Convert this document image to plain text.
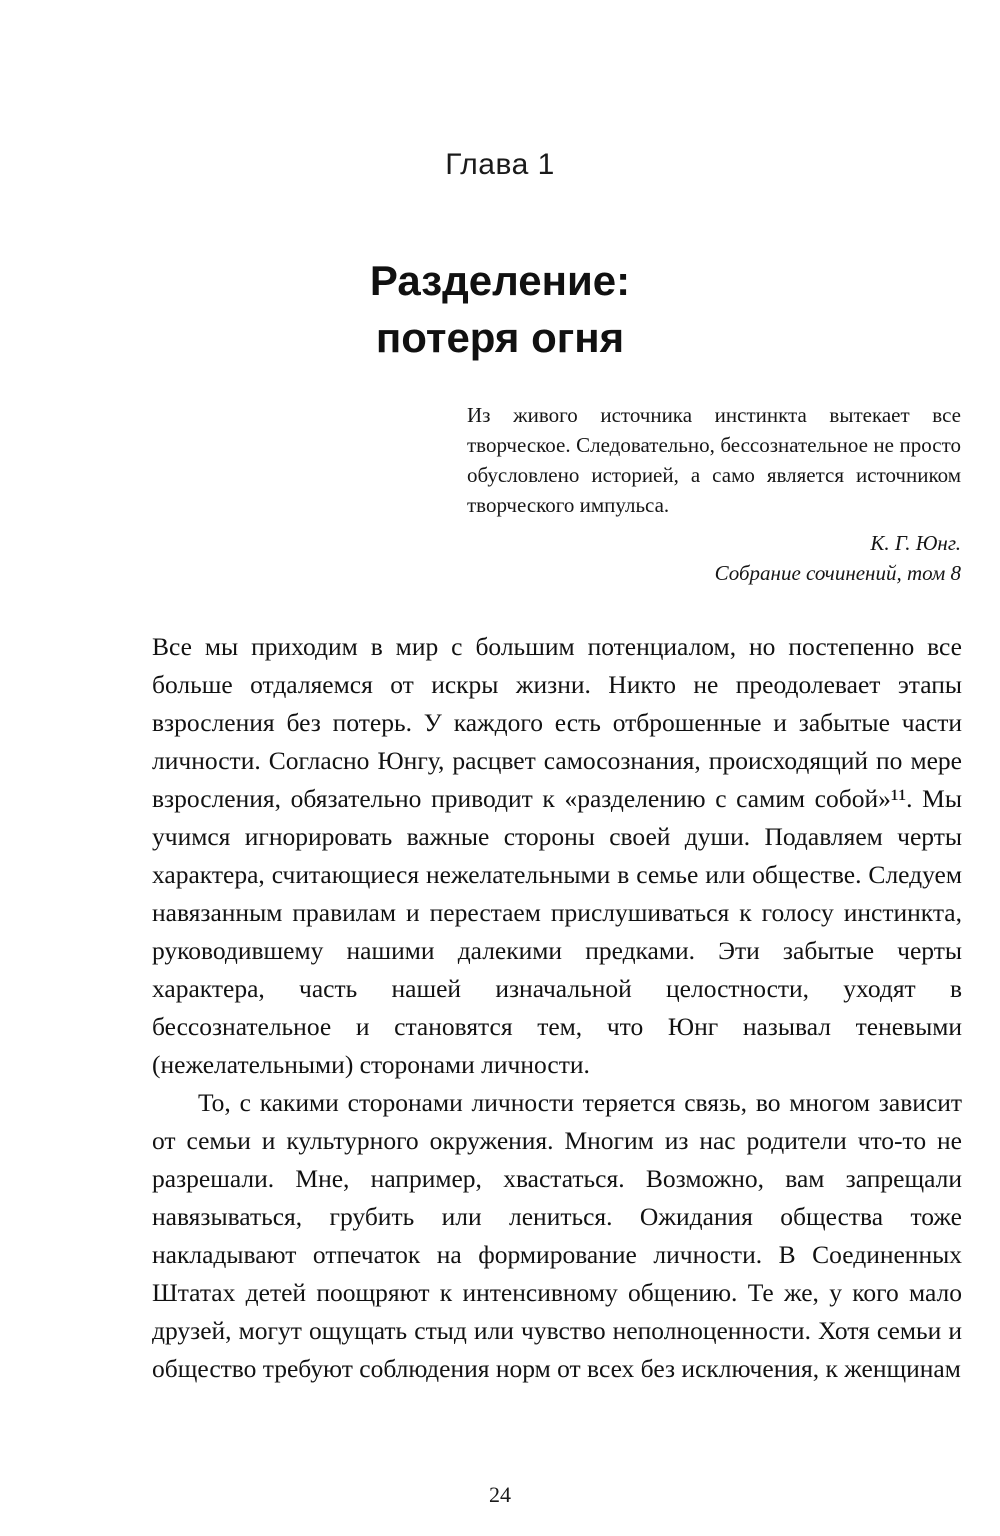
Глава 1
Разделение:
потеря огня

Из живого источника инстинкта вытекает все творческое. Следовательно, бессознательное не просто обусловлено историей, а само является источником творческого импульса.

К. Г. Юнг.

Собрание сочинений, том 8

Все мы приходим в мир с большим потенциалом, но постепенно все больше отдаляемся от искры жизни. Никто не преодолевает этапы взросления без потерь. У каждого есть отброшенные и забытые части личности. Согласно Юнгу, расцвет самосознания, происходящий по мере взросления, обязательно приводит к «разделению с самим собой»¹¹. Мы учимся игнорировать важные стороны своей души. Подавляем черты характера, считающиеся нежелательными в семье или обществе. Следуем навязанным правилам и перестаем прислушиваться к голосу инстинкта, руководившему нашими далекими предками. Эти забытые черты характера, часть нашей изначальной целостности, уходят в бессознательное и становятся тем, что Юнг называл теневыми (нежелательными) сторонами личности.

То, с какими сторонами личности теряется связь, во многом зависит от семьи и культурного окружения. Многим из нас родители что-то не разрешали. Мне, например, хвастаться. Возможно, вам запрещали навязываться, грубить или лениться. Ожидания общества тоже накладывают отпечаток на формирование личности. В Соединенных Штатах детей поощряют к интенсивному общению. Те же, у кого мало друзей, могут ощущать стыд или чувство неполноценности. Хотя семьи и общество требуют соблюдения норм от всех без исключения, к женщинам

24
